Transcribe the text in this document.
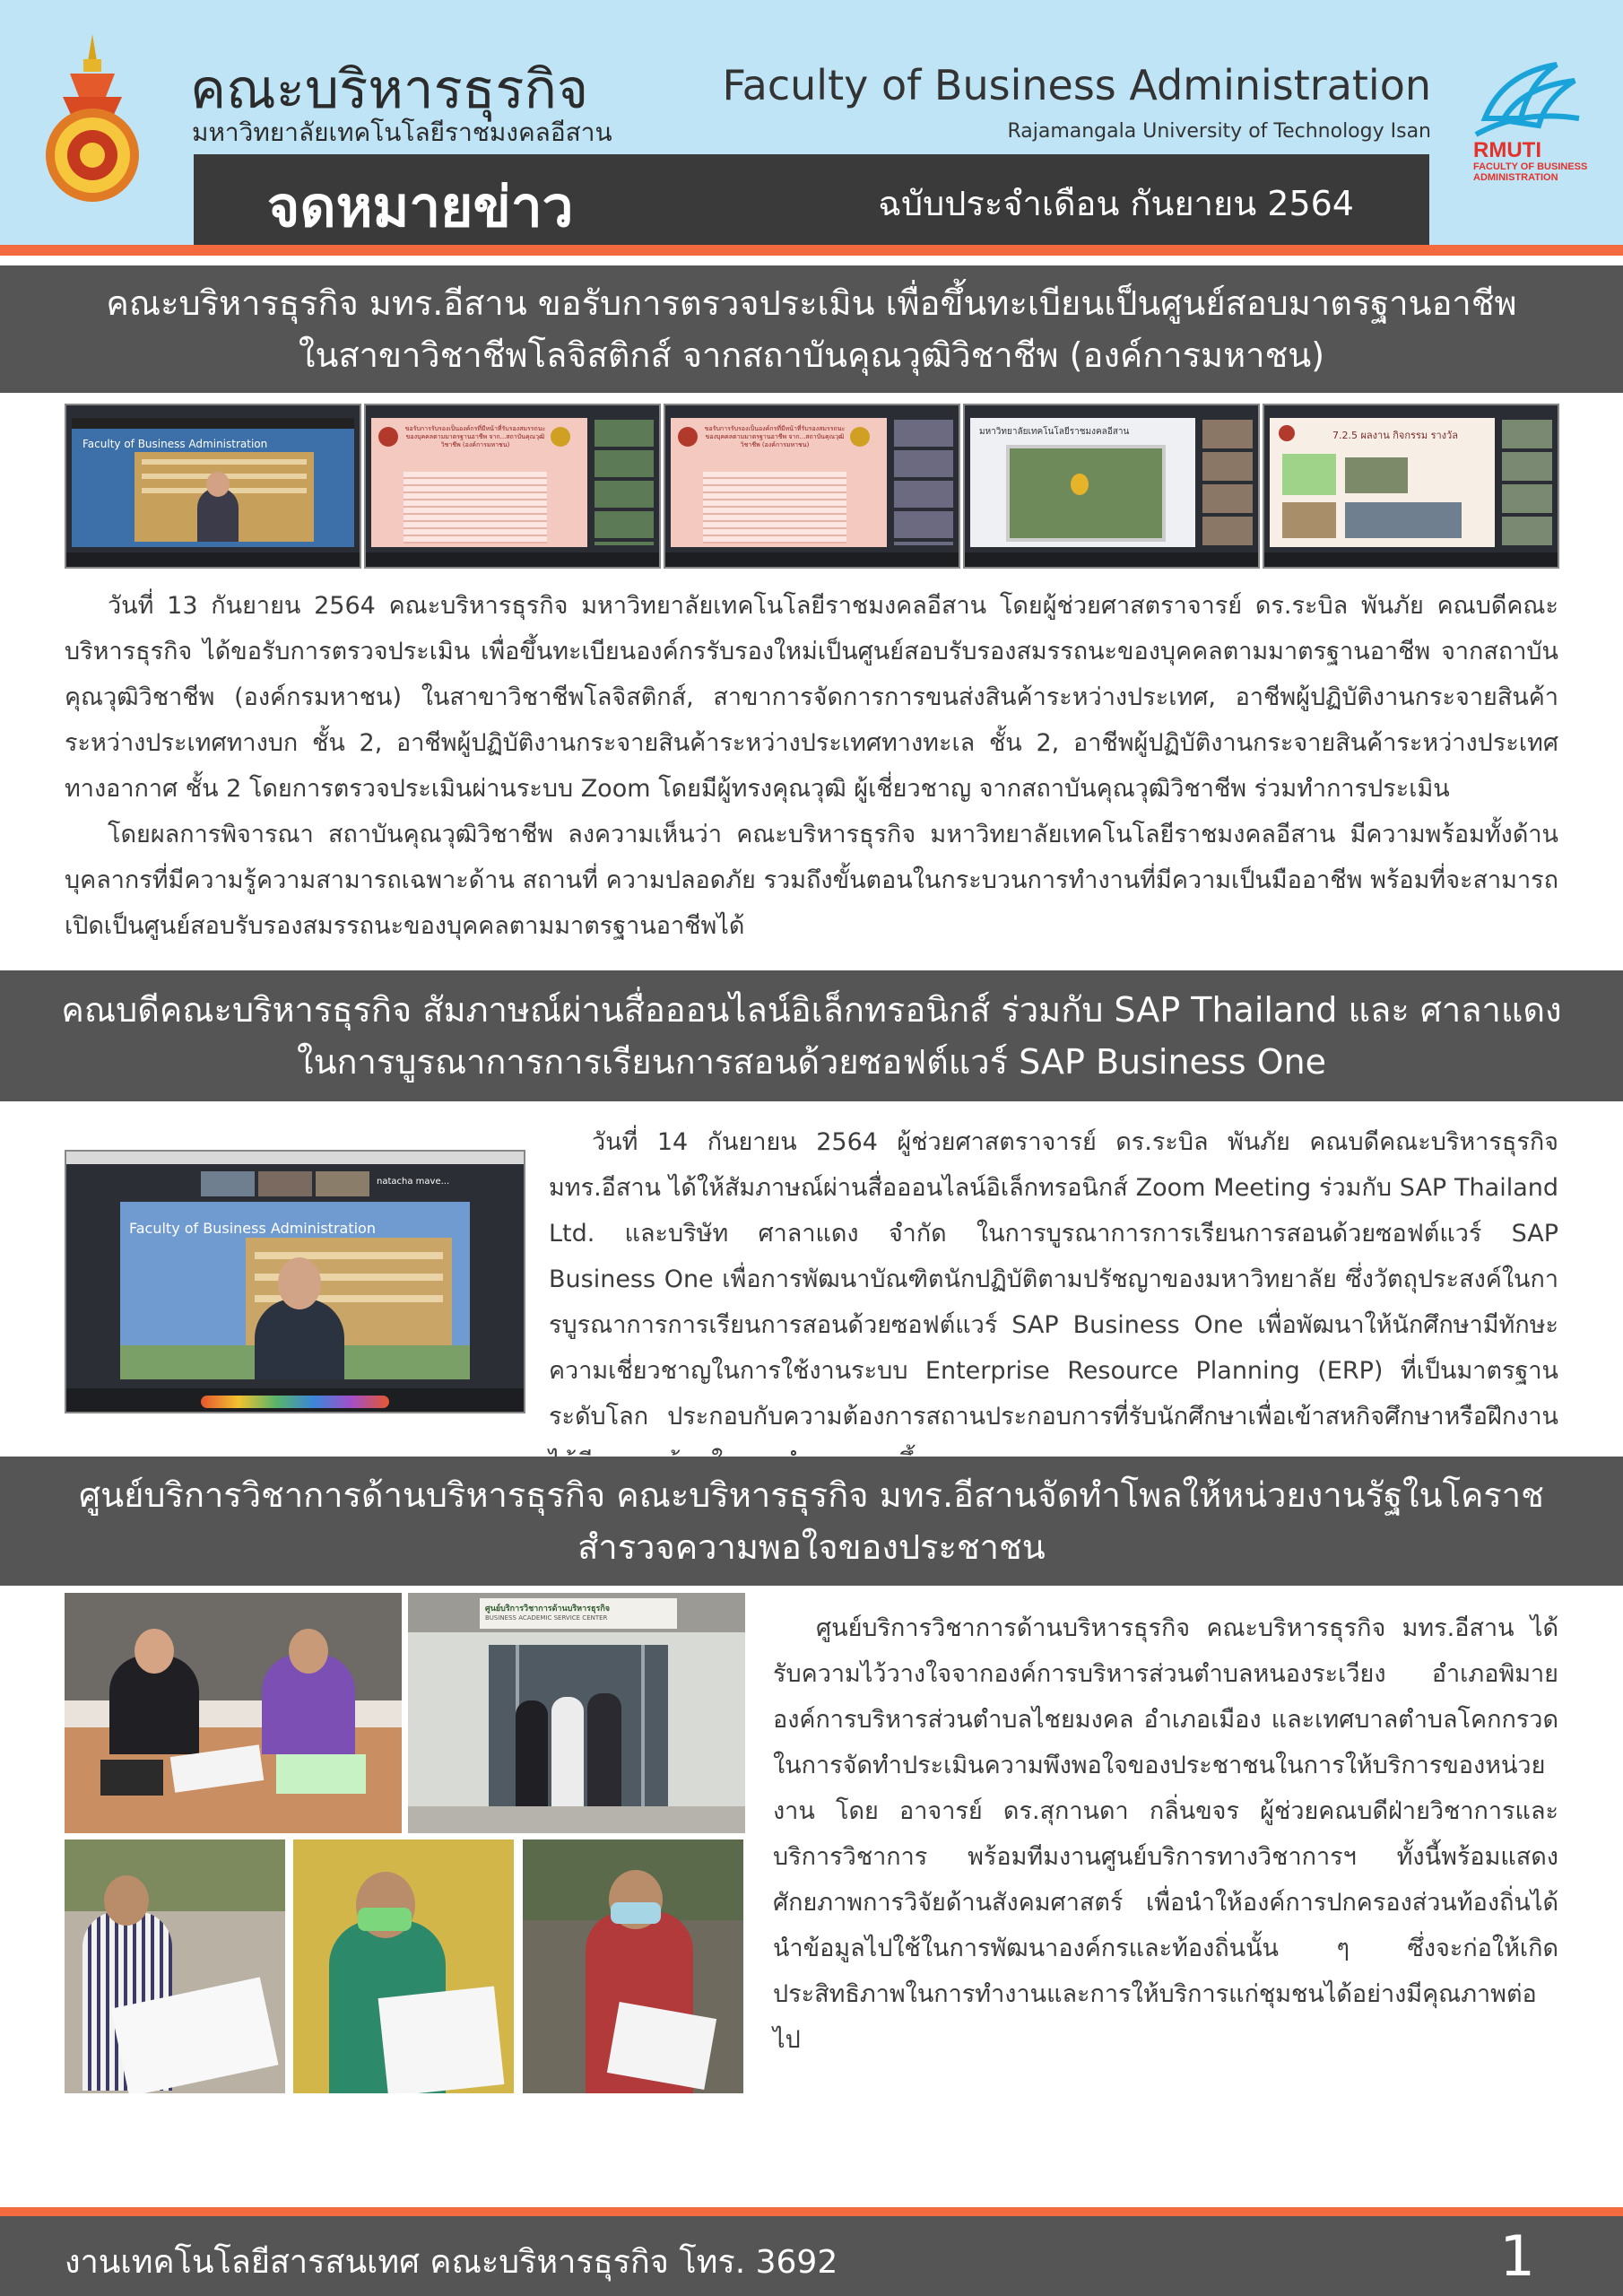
คณะบริหารธุรกิจ
มหาวิทยาลัยเทคโนโลยีราชมงคลอีสาน
Faculty of Business Administration
Rajamangala University of Technology Isan
จดหมายข่าว	ฉบับประจำเดือน กันยายน 2564
RMUTI
FACULTY OF BUSINESS ADMINISTRATION
คณะบริหารธุรกิจ มทร.อีสาน ขอรับการตรวจประเมิน เพื่อขึ้นทะเบียนเป็นศูนย์สอบมาตรฐานอาชีพ
ในสาขาวิชาชีพโลจิสติกส์ จากสถาบันคุณวุฒิวิชาชีพ (องค์การมหาชน)
Faculty of Business Administration
ขอรับการรับรองเป็นองค์กรที่มีหน้าที่รับรองสมรรถนะของบุคคลตามมาตรฐานอาชีพ จาก...สถาบันคุณวุฒิวิชาชีพ (องค์การมหาชน)
ขอรับการรับรองเป็นองค์กรที่มีหน้าที่รับรองสมรรถนะของบุคคลตามมาตรฐานอาชีพ จาก...สถาบันคุณวุฒิวิชาชีพ (องค์การมหาชน)
มหาวิทยาลัยเทคโนโลยีราชมงคลอีสาน	7.2.5 ผลงาน กิจกรรม รางวัล

วันที่ 13 กันยายน 2564 คณะบริหารธุรกิจ มหาวิทยาลัยเทคโนโลยีราชมงคลอีสาน โดยผู้ช่วยศาสตราจารย์ ดร.ระบิล พันภัย คณบดีคณะบริหารธุรกิจ ได้ขอรับการตรวจประเมิน เพื่อขึ้นทะเบียนองค์กรรับรองใหม่เป็นศูนย์สอบรับรองสมรรถนะของบุคคลตามมาตรฐานอาชีพ จากสถาบันคุณวุฒิวิชาชีพ (องค์กรมหาชน) ในสาขาวิชาชีพโลจิสติกส์, สาขาการจัดการการขนส่งสินค้าระหว่างประเทศ, อาชีพผู้ปฏิบัติงานกระจายสินค้าระหว่างประเทศทางบก ชั้น 2, อาชีพผู้ปฏิบัติงานกระจายสินค้าระหว่างประเทศทางทะเล ชั้น 2, อาชีพผู้ปฏิบัติงานกระจายสินค้าระหว่างประเทศทางอากาศ ชั้น 2 โดยการตรวจประเมินผ่านระบบ Zoom โดยมีผู้ทรงคุณวุฒิ ผู้เชี่ยวชาญ จากสถาบันคุณวุฒิวิชาชีพ ร่วมทำการประเมิน

โดยผลการพิจารณา สถาบันคุณวุฒิวิชาชีพ ลงความเห็นว่า คณะบริหารธุรกิจ มหาวิทยาลัยเทคโนโลยีราชมงคลอีสาน มีความพร้อมทั้งด้านบุคลากรที่มีความรู้ความสามารถเฉพาะด้าน สถานที่ ความปลอดภัย รวมถึงขั้นตอนในกระบวนการทำงานที่มีความเป็นมืออาชีพ พร้อมที่จะสามารถเปิดเป็นศูนย์สอบรับรองสมรรถนะของบุคคลตามมาตรฐานอาชีพได้

คณบดีคณะบริหารธุรกิจ สัมภาษณ์ผ่านสื่อออนไลน์อิเล็กทรอนิกส์ ร่วมกับ SAP Thailand และ ศาลาแดง
ในการบูรณาการการเรียนการสอนด้วยซอฟต์แวร์ SAP Business One
natacha mave...
Faculty of Business Administration

วันที่ 14 กันยายน 2564 ผู้ช่วยศาสตราจารย์ ดร.ระบิล พันภัย คณบดีคณะบริหารธุรกิจ มทร.อีสาน ได้ให้สัมภาษณ์ผ่านสื่อออนไลน์อิเล็กทรอนิกส์ Zoom Meeting ร่วมกับ SAP Thailand Ltd. และบริษัท ศาลาแดง จำกัด ในการบูรณาการการเรียนการสอนด้วยซอฟต์แวร์ SAP Business One เพื่อการพัฒนาบัณฑิตนักปฏิบัติตามปรัชญาของมหาวิทยาลัย ซึ่งวัตถุประสงค์ในการบูรณาการการเรียนการสอนด้วยซอฟต์แวร์ SAP Business One เพื่อพัฒนาให้นักศึกษามีทักษะความเชี่ยวชาญในการใช้งานระบบ Enterprise Resource Planning (ERP) ที่เป็นมาตรฐานระดับโลก ประกอบกับความต้องการสถานประกอบการที่รับนักศึกษาเพื่อเข้าสหกิจศึกษาหรือฝึกงาน

ศูนย์บริการวิชาการด้านบริหารธุรกิจ คณะบริหารธุรกิจ มทร.อีสานจัดทำโพลให้หน่วยงานรัฐในโคราช
สำรวจความพอใจของประชาชน
ศูนย์บริการวิชาการด้านบริหารธุรกิจ
BUSINESS ACADEMIC SERVICE CENTER	ศูนย์บริการวิชาการด้านบริหารธุรกิจ คณะบริหารธุรกิจ มทร.อีสาน ได้รับความไว้วางใจจากองค์การบริหารส่วนตำบลหนองระเวียง อำเภอพิมาย องค์การบริหารส่วนตำบลไชยมงคล อำเภอเมือง และเทศบาลตำบลโคกกรวด ในการจัดทำประเมินความพึงพอใจของประชาชนในการให้บริการของหน่วยงาน โดย อาจารย์ ดร.สุกานดา กลิ่นขจร ผู้ช่วยคณบดีฝ่ายวิชาการและบริการวิชาการ พร้อมทีมงานศูนย์บริการทางวิชาการฯ ทั้งนี้พร้อมแสดงศักยภาพการวิจัยด้านสังคมศาสตร์ เพื่อนำให้องค์การปกครองส่วนท้องถิ่นได้นำข้อมูลไปใช้ในการพัฒนาองค์กรและท้องถิ่นนั้น ๆ ซึ่งจะก่อให้เกิดประสิทธิภาพในการทำงานและการให้บริการแก่ชุมชนได้อย่างมีคุณภาพต่อไป

งานเทคโนโลยีสารสนเทศ คณะบริหารธุรกิจ โทร. 3692	1
